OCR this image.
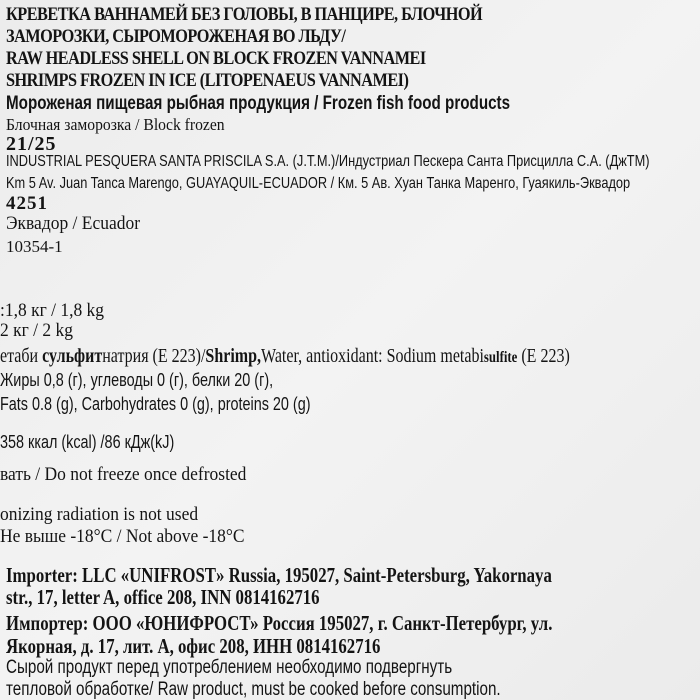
КРЕВЕТКА ВАННАМЕЙ БЕЗ ГОЛОВЫ, В ПАНЦИРЕ, БЛОЧНОЙ

ЗАМОРОЗКИ, СЫРОМОРОЖЕНАЯ ВО ЛЬДУ/

RAW HEADLESS SHELL ON BLOCK FROZEN VANNAMEI

SHRIMPS FROZEN IN ICE (LITOPENAEUS VANNAMEI)

Мороженая пищевая рыбная продукция / Frozen fish food products

Блочная заморозка / Block frozen

21/25

INDUSTRIAL PESQUERA SANTA PRISCILA S.A. (J.T.M.)/Индустриал Пескера Санта Присцилла С.А. (ДжТМ)

Km 5 Av. Juan Tanca Marengo, GUAYAQUIL-ECUADOR / Км. 5 Ав. Хуан Танка Маренго, Гуаякиль-Эквадор

4251

Эквадор / Ecuador

10354-1

:1,8 кг / 1,8 kg

2 кг / 2 kg

етаби сульфитнатрия (E 223)/Shrimp,Water, antioxidant: Sodium metabisulfite (E 223)

Жиры 0,8 (г), углеводы 0 (г), белки 20 (г),

Fats 0.8 (g), Carbohydrates 0 (g), proteins 20 (g)

358 ккал (kcal) /86 кДж(kJ)

вать / Do not freeze once defrosted

onizing radiation is not used

Не выше -18°С / Not above -18°С

Importer: LLC «UNIFROST» Russia, 195027, Saint-Petersburg, Yakornaya

str., 17, letter A, office 208, INN 0814162716

Импортер: ООО «ЮНИФРОСТ» Россия 195027, г. Санкт-Петербург, ул.

Якорная, д. 17, лит. А, офис 208, ИНН 0814162716

Сырой продукт перед употреблением необходимо подвергнуть

тепловой обработке/ Raw product, must be cooked before consumption.
